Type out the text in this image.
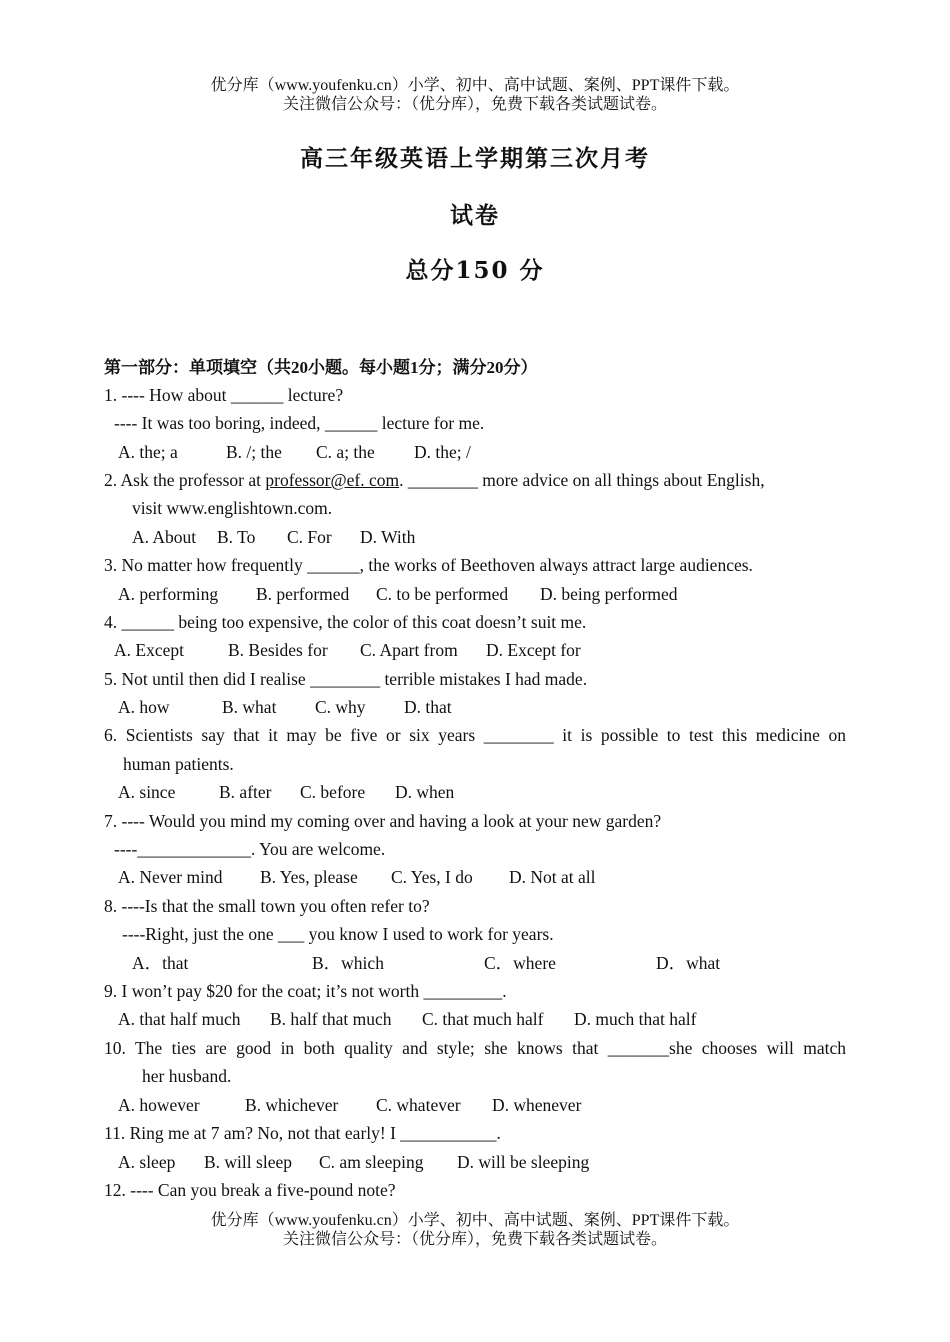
优分库（www.youfenku.cn）小学、初中、高中试题、案例、PPT课件下载。
关注微信公众号：（优分库），免费下载各类试题试卷。
高三年级英语上学期第三次月考
试卷
总分150 分
第一部分：单项填空（共20小题。每小题1分；满分20分）
1. ---- How about ______ lecture?
---- It was too boring, indeed, ______ lecture for me.
A. the; a	B. /; the C. a; the D. the; /
2. Ask the professor at professor@ef. com. ________ more advice on all things about English,
visit www.englishtown.com.
A. About B. To C. For D. With
3. No matter how frequently ______, the works of Beethoven always attract large audiences.
A. performing B. performed C. to be performed D. being performed
4. ______ being too expensive, the color of this coat doesn’t suit me.
A. Except	B. Besides for C. Apart from D. Except for
5. Not until then did I realise ________ terrible mistakes I had made.
A. how	B. what C. why D. that
6. Scientists say that it may be five or six years ________ it is possible to test this medicine on
human patients.
A. since B. after C. before D. when
7. ---- Would you mind my coming over and having a look at your new garden?
----_____________. You are welcome.
A. Never mind B. Yes, please C. Yes, I do D. Not at all
8. ----Is that the small town you often refer to?
----Right, just the one ___ you know I used to work for years.
A．that	B．which	C．where	D．what
9. I won’t pay $20 for the coat; it’s not worth _________.
A. that half much B. half that much C. that much half D. much that half
10. The ties are good in both quality and style; she knows that _______she chooses will match
her husband.
A. however	B. whichever C. whatever D. whenever
11. Ring me at 7 am? No, not that early! I ___________.
A. sleep B. will sleep C. am sleeping D. will be sleeping
12. ---- Can you break a five-pound note?
优分库（www.youfenku.cn）小学、初中、高中试题、案例、PPT课件下载。
关注微信公众号：（优分库），免费下载各类试题试卷。
